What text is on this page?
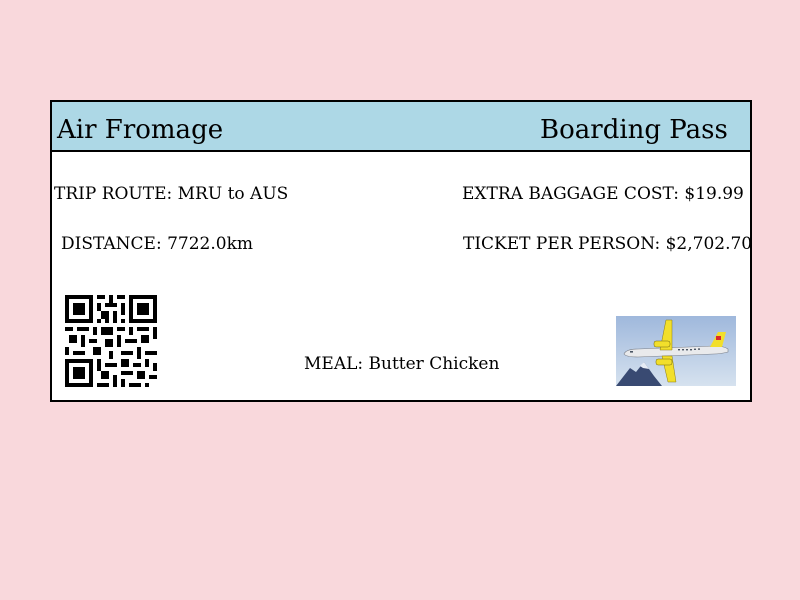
Air Fromage	Boarding Pass
TRIP ROUTE: MRU to AUS
DISTANCE: 7722.0km
EXTRA BAGGAGE COST: $19.99
TICKET PER PERSON: $2,702.70
MEAL: Butter Chicken
